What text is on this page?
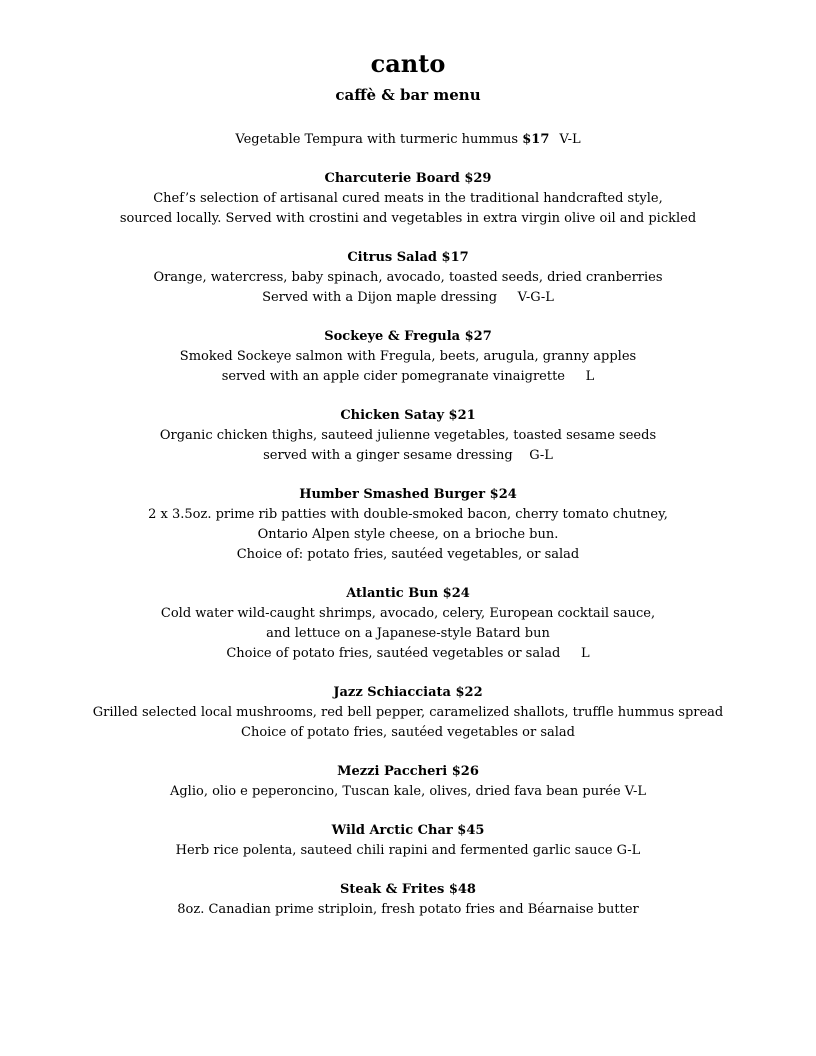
canto
caffè & bar menu
Vegetable Tempura with turmeric hummus $17 V-L
Charcuterie Board $29
Chef’s selection of artisanal cured meats in the traditional handcrafted style,
sourced locally. Served with crostini and vegetables in extra virgin olive oil and pickled
Citrus Salad $17
Orange, watercress, baby spinach, avocado, toasted seeds, dried cranberries
Served with a Dijon maple dressing     V-G-L
Sockeye & Fregula $27
Smoked Sockeye salmon with Fregula, beets, arugula, granny apples
served with an apple cider pomegranate vinaigrette     L
Chicken Satay $21
Organic chicken thighs, sauteed julienne vegetables, toasted sesame seeds
served with a ginger sesame dressing    G-L
Humber Smashed Burger $24
2 x 3.5oz. prime rib patties with double-smoked bacon, cherry tomato chutney,
Ontario Alpen style cheese, on a brioche bun.
Choice of: potato fries, sautéed vegetables, or salad
Atlantic Bun $24
Cold water wild-caught shrimps, avocado, celery, European cocktail sauce,
and lettuce on a Japanese-style Batard bun
Choice of potato fries, sautéed vegetables or salad     L
Jazz Schiacciata $22
Grilled selected local mushrooms, red bell pepper, caramelized shallots, truffle hummus spread
Choice of potato fries, sautéed vegetables or salad
Mezzi Paccheri $26
Aglio, olio e peperoncino, Tuscan kale, olives, dried fava bean purée V-L
Wild Arctic Char $45
Herb rice polenta, sauteed chili rapini and fermented garlic sauce G-L
Steak & Frites $48
8oz. Canadian prime striploin, fresh potato fries and Béarnaise butter
